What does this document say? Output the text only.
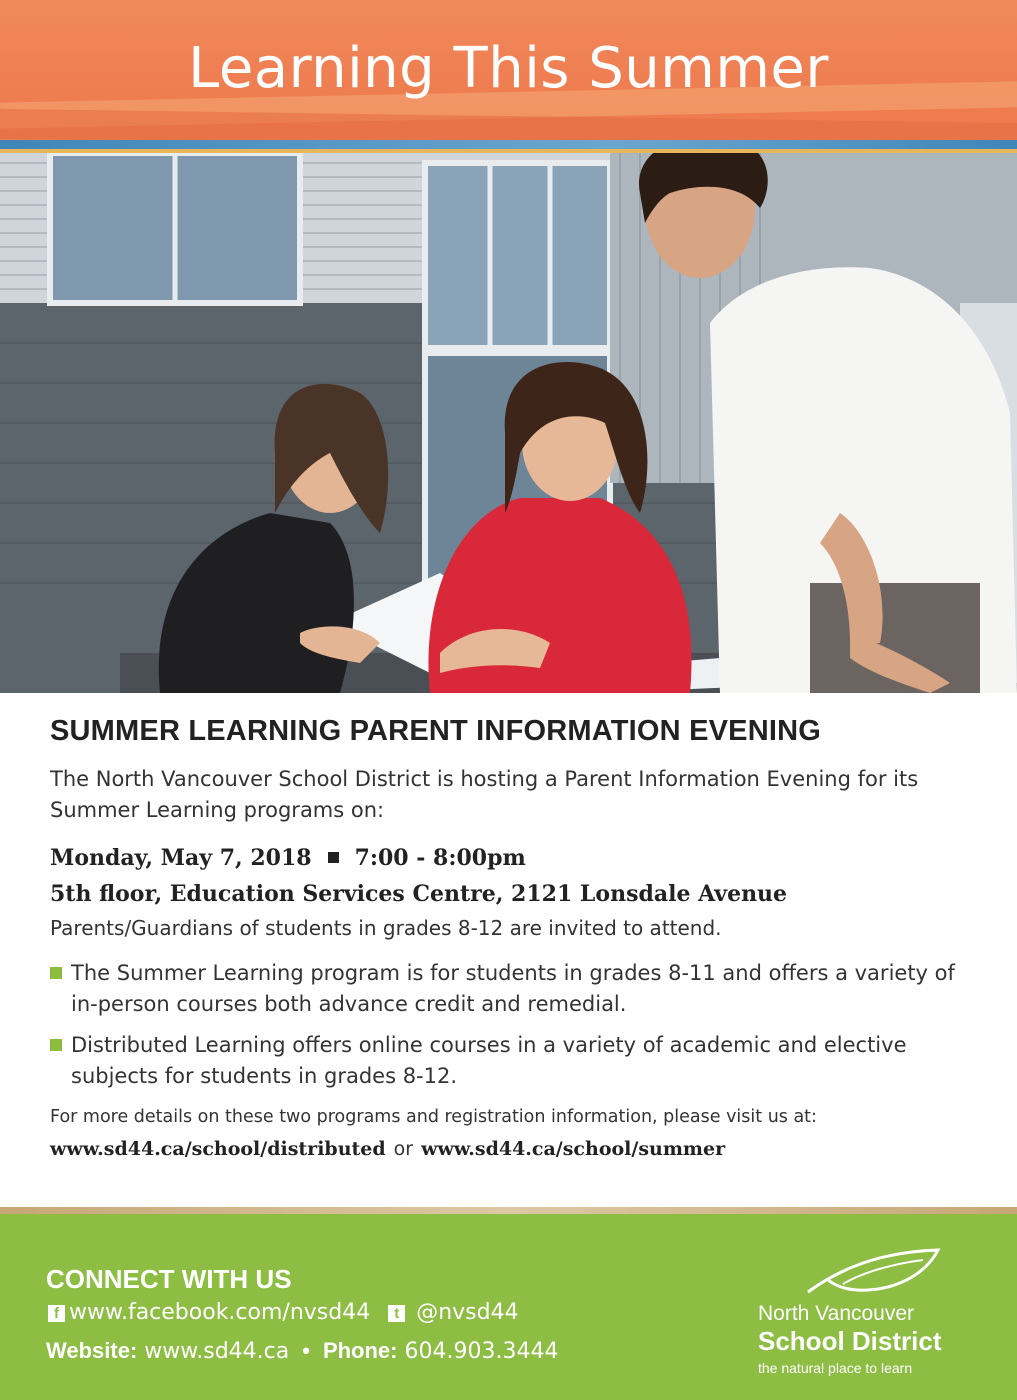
Learning This Summer
SUMMER LEARNING PARENT INFORMATION EVENING

The North Vancouver School District is hosting a Parent Information Evening for its Summer Learning programs on:

Monday, May 7, 2018 7:00 - 8:00pm

5th floor, Education Services Centre, 2121 Lonsdale Avenue

Parents/Guardians of students in grades 8-12 are invited to attend.

The Summer Learning program is for students in grades 8-11 and offers a variety of in-person courses both advance credit and remedial.
Distributed Learning offers online courses in a variety of academic and elective subjects for students in grades 8-12.

For more details on these two programs and registration information, please visit us at:

www.sd44.ca/school/distributed or www.sd44.ca/school/summer
CONNECT WITH US
f www.facebook.com/nvsd44 t @nvsd44
Website: www.sd44.ca • Phone: 604.903.3444
North Vancouver
School District
the natural place to learn
